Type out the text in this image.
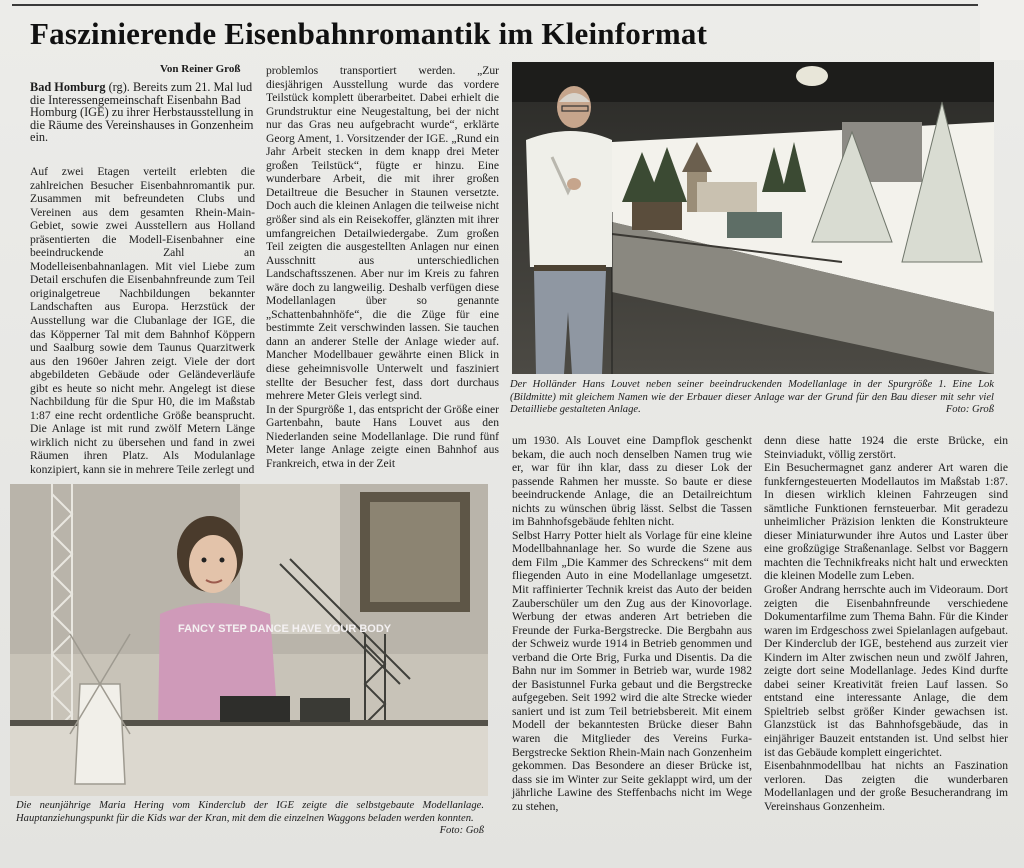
Faszinierende Eisenbahnromantik im Kleinformat
Von Reiner Groß

Bad Homburg (rg). Bereits zum 21. Mal lud die Interessengemeinschaft Eisenbahn Bad Homburg (IGE) zu ihrer Herbstausstellung in die Räume des Vereinshauses in Gonzenheim ein.

Auf zwei Etagen verteilt erlebten die zahlreichen Besucher Eisenbahnromantik pur. Zusammen mit befreundeten Clubs und Vereinen aus dem gesamten Rhein-Main-Gebiet, sowie zwei Ausstellern aus Holland präsentierten die Modell-Eisenbahner eine beeindruckende Zahl an Modelleisenbahnanlagen. Mit viel Liebe zum Detail erschufen die Eisenbahnfreunde zum Teil originalgetreue Nachbildungen bekannter Landschaften aus Europa. Herzstück der Ausstellung war die Clubanlage der IGE, die das Köpperner Tal mit dem Bahnhof Köppern und Saalburg sowie dem Taunus Quarzitwerk aus den 1960er Jahren zeigt. Viele der dort abgebildeten Gebäude oder Geländeverläufe gibt es heute so nicht mehr. Angelegt ist diese Nachbildung für die Spur H0, die im Maßstab 1:87 eine recht ordentliche Größe beansprucht. Die Anlage ist mit rund zwölf Metern Länge wirklich nicht zu übersehen und fand in zwei Räumen ihren Platz. Als Modulanlage konzipiert, kann sie in mehrere Teile zerlegt und

problemlos transportiert werden. „Zur diesjährigen Ausstellung wurde das vordere Teilstück komplett überarbeitet. Dabei erhielt die Grundstruktur eine Neugestaltung, bei der nicht nur das Gras neu aufgebracht wurde“, erklärte Georg Ament, 1. Vorsitzender der IGE. „Rund ein Jahr Arbeit stecken in dem knapp drei Meter großen Teilstück“, fügte er hinzu. Eine wunderbare Arbeit, die mit ihrer großen Detailtreue die Besucher in Staunen versetzte. Doch auch die kleinen Anlagen die teilweise nicht größer sind als ein Reisekoffer, glänzten mit ihrer umfangreichen Detailwiedergabe. Zum großen Teil zeigten die ausgestellten Anlagen nur einen Ausschnitt aus unterschiedlichen Landschaftsszenen. Aber nur im Kreis zu fahren wäre doch zu langweilig. Deshalb verfügen diese Modellanlagen über so genannte „Schattenbahnhöfe“, die die Züge für eine bestimmte Zeit verschwinden lassen. Sie tauchen dann an anderer Stelle der Anlage wieder auf. Mancher Modellbauer gewährte einen Blick in diese geheimnisvolle Unterwelt und fasziniert stellte der Besucher fest, dass dort durchaus mehrere Meter Gleis verlegt sind.

In der Spurgröße 1, das entspricht der Größe einer Gartenbahn, baute Hans Louvet aus den Niederlanden seine Modellanlage. Die rund fünf Meter lange Anlage zeigte einen Bahnhof aus Frankreich, etwa in der Zeit

Der Holländer Hans Louvet neben seiner beeindruckenden Modellanlage in der Spurgröße 1. Eine Lok (Bildmitte) mit gleichem Namen wie der Erbauer dieser Anlage war der Grund für den Bau dieser mit sehr viel Detailliebe gestalteten Anlage.	Foto: Groß

FANCY STEP DANCE HAVE YOUR BODY

Die neunjährige Maria Hering vom Kinderclub der IGE zeigte die selbstgebaute Modellanlage. Hauptanziehungspunkt für die Kids war der Kran, mit dem die einzelnen Waggons beladen werden konnten.
Foto: Goß

um 1930. Als Louvet eine Dampflok geschenkt bekam, die auch noch denselben Namen trug wie er, war für ihn klar, dass zu dieser Lok der passende Rahmen her musste. So baute er diese beeindruckende Anlage, die an Detailreichtum nichts zu wünschen übrig lässt. Selbst die Tassen im Bahnhofsgebäude fehlten nicht.

Selbst Harry Potter hielt als Vorlage für eine kleine Modellbahnanlage her. So wurde die Szene aus dem Film „Die Kammer des Schreckens“ mit dem fliegenden Auto in eine Modellanlage umgesetzt. Mit raffinierter Technik kreist das Auto der beiden Zauberschüler um den Zug aus der Kinovorlage. Werbung der etwas anderen Art betrieben die Freunde der Furka-Bergstrecke. Die Bergbahn aus der Schweiz wurde 1914 in Betrieb genommen und verband die Orte Brig, Furka und Disentis. Da die Bahn nur im Sommer in Betrieb war, wurde 1982 der Basistunnel Furka gebaut und die Bergstrecke aufgegeben. Seit 1992 wird die alte Strecke wieder saniert und ist zum Teil betriebsbereit. Mit einem Modell der bekanntesten Brücke dieser Bahn waren die Mitglieder des Vereins Furka-Bergstrecke Sektion Rhein-Main nach Gonzenheim gekommen. Das Besondere an dieser Brücke ist, dass sie im Winter zur Seite geklappt wird, um der jährliche Lawine des Steffenbachs nicht im Wege zu stehen,

denn diese hatte 1924 die erste Brücke, ein Steinviadukt, völlig zerstört.

Ein Besuchermagnet ganz anderer Art waren die funkferngesteuerten Modellautos im Maßstab 1:87. In diesen wirklich kleinen Fahrzeugen sind sämtliche Funktionen fernsteuerbar. Mit geradezu unheimlicher Präzision lenkten die Konstrukteure dieser Miniaturwunder ihre Autos und Laster über eine großzügige Straßenanlage. Selbst vor Baggern machten die Technikfreaks nicht halt und erweckten die kleinen Modelle zum Leben.

Großer Andrang herrschte auch im Videoraum. Dort zeigten die Eisenbahnfreunde verschiedene Dokumentarfilme zum Thema Bahn. Für die Kinder waren im Erdgeschoss zwei Spielanlagen aufgebaut. Der Kinderclub der IGE, bestehend aus zurzeit vier Kindern im Alter zwischen neun und zwölf Jahren, zeigte dort seine Modellanlage. Jedes Kind durfte dabei seiner Kreativität freien Lauf lassen. So entstand eine interessante Anlage, die dem Spieltrieb selbst größer Kinder gewachsen ist. Glanzstück ist das Bahnhofsgebäude, das in einjähriger Bauzeit entstanden ist. Und selbst hier ist das Gebäude komplett eingerichtet.

Eisenbahnmodellbau hat nichts an Faszination verloren. Das zeigten die wunderbaren Modellanlagen und der große Besucherandrang im Vereinshaus Gonzenheim.
